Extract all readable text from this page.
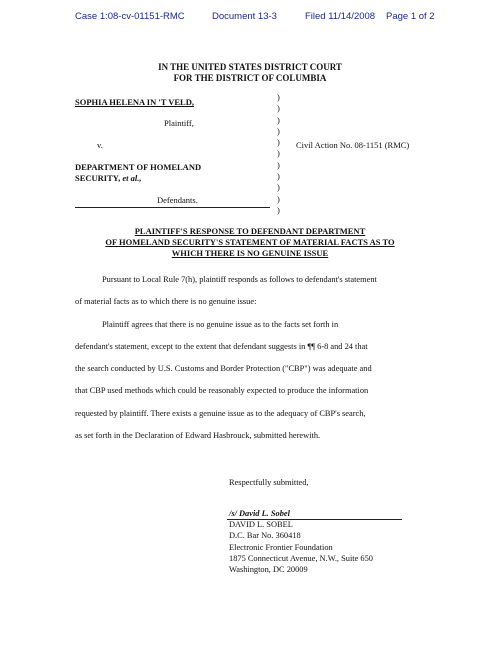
Case 1:08-cv-01151-RMC	Document 13-3	Filed 11/14/2008 Page 1 of 2
IN THE UNITED STATES DISTRICT COURT
FOR THE DISTRICT OF COLUMBIA
SOPHIA HELENA IN 'T VELD,
Plaintiff,
v.
DEPARTMENT OF HOMELAND
SECURITY, et al.,
Defendants.
)
)
)
)
)
)
)
)
)
)
)
Civil Action No. 08-1151 (RMC)
PLAINTIFF'S RESPONSE TO DEFENDANT DEPARTMENT
OF HOMELAND SECURITY'S STATEMENT OF MATERIAL FACTS AS TO
WHICH THERE IS NO GENUINE ISSUE
Pursuant to Local Rule 7(h), plaintiff responds as follows to defendant's statement
of material facts as to which there is no genuine issue:
Plaintiff agrees that there is no genuine issue as to the facts set forth in
defendant's statement, except to the extent that defendant suggests in ¶¶ 6-8 and 24 that
the search conducted by U.S. Customs and Border Protection ("CBP") was adequate and
that CBP used methods which could be reasonably expected to produce the information
requested by plaintiff. There exists a genuine issue as to the adequacy of CBP's search,
as set forth in the Declaration of Edward Hasbrouck, submitted herewith.
Respectfully submitted,
/s/ David L. Sobel
DAVID L. SOBEL
D.C. Bar No. 360418
Electronic Frontier Foundation
1875 Connecticut Avenue, N.W., Suite 650
Washington, DC 20009
